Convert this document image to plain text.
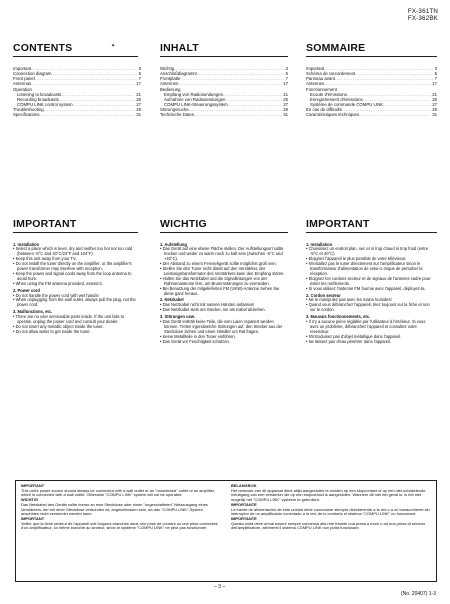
FX-361TN
FX-362BK
CONTENTS	✦
Important .....	3
Connection diagram .....	5
Front panel .....	7
Antennas .....	17
Operation
Listening to broadcasts .....	21
Recording broadcasts .....	25
COMPU LINK control system .....	27
Troubleshooting .....	29
Specifications .....	31
INHALT
Wichtig .....	3
Anschlußdiagramm .....	5
Frontplatte .....	7
Antennen .....	17
Bedienung
Empfang von Radiosendungen .....	21
Aufnahme von Radiosendungen .....	25
COMPU LINK-Steuerungssystem .....	27
Störungssuche .....	29
Technische Daten .....	31
SOMMAIRE
Important .....	3
Schéma de raccordement .....	5
Panneau avant .....	7
Antennes .....	17
Fonctionnement
Ecoute d'émissions .....	21
Enregistrement d'émissions .....	25
Système de commande COMPU LINK .....	27
En cas de difficulté .....	29
Caractéristiques techniques .....	31
IMPORTANT

1. Installation

• Select a place which is level, dry and neither too hot nor too cold (between -5°C and 40°C/23°F and 104°F).

• Keep this unit away from your TV.

• Do not install the tuner directly on the amplifier, or the amplifier's power transformer may interfere with reception.

• Keep the power and signal cords away from the loop antenna to avoid hum.

• When using the FM antenna provided, extend it.

2. Power cord

• Do not handle the power cord with wet hands!

• When unplugging from the wall outlet, always pull the plug, not the power cord.

3. Malfunctions, etc.

• There are no user serviceable parts inside. If the unit fails to operate, unplug the power cord and consult your dealer.

• Do not insert any metallic object inside the tuner.

• Do not allow water to get inside the tuner.

WICHTIG

1. Aufstellung

• Das Gerät auf eine ebene Fläche stellen. Der Aufstellungsort sollte trocken und weder zu warm noch zu kalt sein (zwischen -5°C und +40°C).

• Der Abstand zu einem Fernsehgerät sollte möglichst groß sein.

• Stellen Sie den Tuner nicht direkt auf den Verstärker, der Leistungstransformator des Verstärkers kann den Empfang stören.

• Halten Sie das Netzkabel und die Signalleitungen von der Rahmenantenne fern, um Brummstörungen zu vermeiden.

• Bei Benutzung der mitgelieferten FM (UKW)-Antenne ziehen Sie diese ganz heraus.

2. Netzkabel

• Das Netzkabel nicht mit nassen Händen anfassen!

• Das Netzkabel stets am Stecker, nie am Kabel abziehen.

3. Störungen usw.

• Das Gerät enthält keine Teile, die vom Laien repariert werden können. Treten irgendwelche Störungen auf, den Stecker aus der Steckdose ziehen und einen Händler um Rat fragen.

• Keine Metallteile in den Tuner einführen.

• Das Gerät vor Feuchtigkeit schützen.

IMPORTANT

1. Installation

• Choisissez un endroit plan, sec et ni trop chaud ni trop froid (entre -5°C et 40°C).

• Eloignez l'appareil le plus possible de votre téléviseur.

• N'installez pas le tuner directement sur l'amplificateur sinon le transformateur d'alimentation de celui-ci risque de perturber la réception.

• Eloignez les cordons secteur et de signaux de l'antenne cadre pour éviter les ronflements.

• Si vous utilisez l'antenne FM fournie avec l'appareil, déployez-la.

2. Cordon secteur

• Ne le manipulez pas avec les mains humides!

• Quand vous débranchez l'appareil, tirez toujours sur la fiche et non sur le cordon.

3. Mauvais fonctionnements, etc.

• Il n'y a aucune pièce réglable par l'utilisateur à l'intérieur. Si vous avez un problème, débranchez l'appareil et consultez votre revendeur.

• N'introduisez pas d'objet métallique dans l'appareil.

• Ne laissez pas d'eau pénétrer dans l'appareil.

IMPORTANT

This unit's power source should always be connected with a wall outlet or an "unswitched" outlet of an amplifier, which is connected with a wall outlet. Otherwise "COMPU LINK" system will not be operated.

WICHTIG

Das Netzkabel des Geräts sollte immer an eine Steckdose oder einen "ungeschalteten" Netzausgang eines Verstärkers, der mit einer Steckdose verbunden ist, angeschlossen sein, da das "COMPU LINK"-System ansonsten nicht verwendet werden kann.

IMPORTANT

Veiller que la fiche secteur de l'appareil soit toujours branchée dans une prise de courant ou une prise commutée d'un amplificateur, lui même branché au secteur, sinon le système "COMPU LINK" ne peut pas fonctionner.

BELANGRIJK

Het netsnoer van dit apparaat dient altijd aangesloten te worden op een stopcontact of op een niet-schakelende netuitgang van een versterker die op een stopcontact is aangesloten. Wanneer dit niet het geval is, is het niet mogelijk het "COMPU LINK" systeem te gebruiken.

IMPORTANTE

La fuente de alimentación de este unidad debe conectarse siempre directamente a la red o a un tomacorriente sin interruptor de un amplificador conectado a la red; de lo contrario el sistema "COMPU LINK" no funcionará.

IMPORTANTE

Questa unità deve ormai essere sempre connessa alla rete tramite una presa a muro o ad una presa di servizio dell'amplificatore, altrimenti il sistema COMPU LINK non potrà funzionare.

– 3 –
(No. 20407) 1-3
